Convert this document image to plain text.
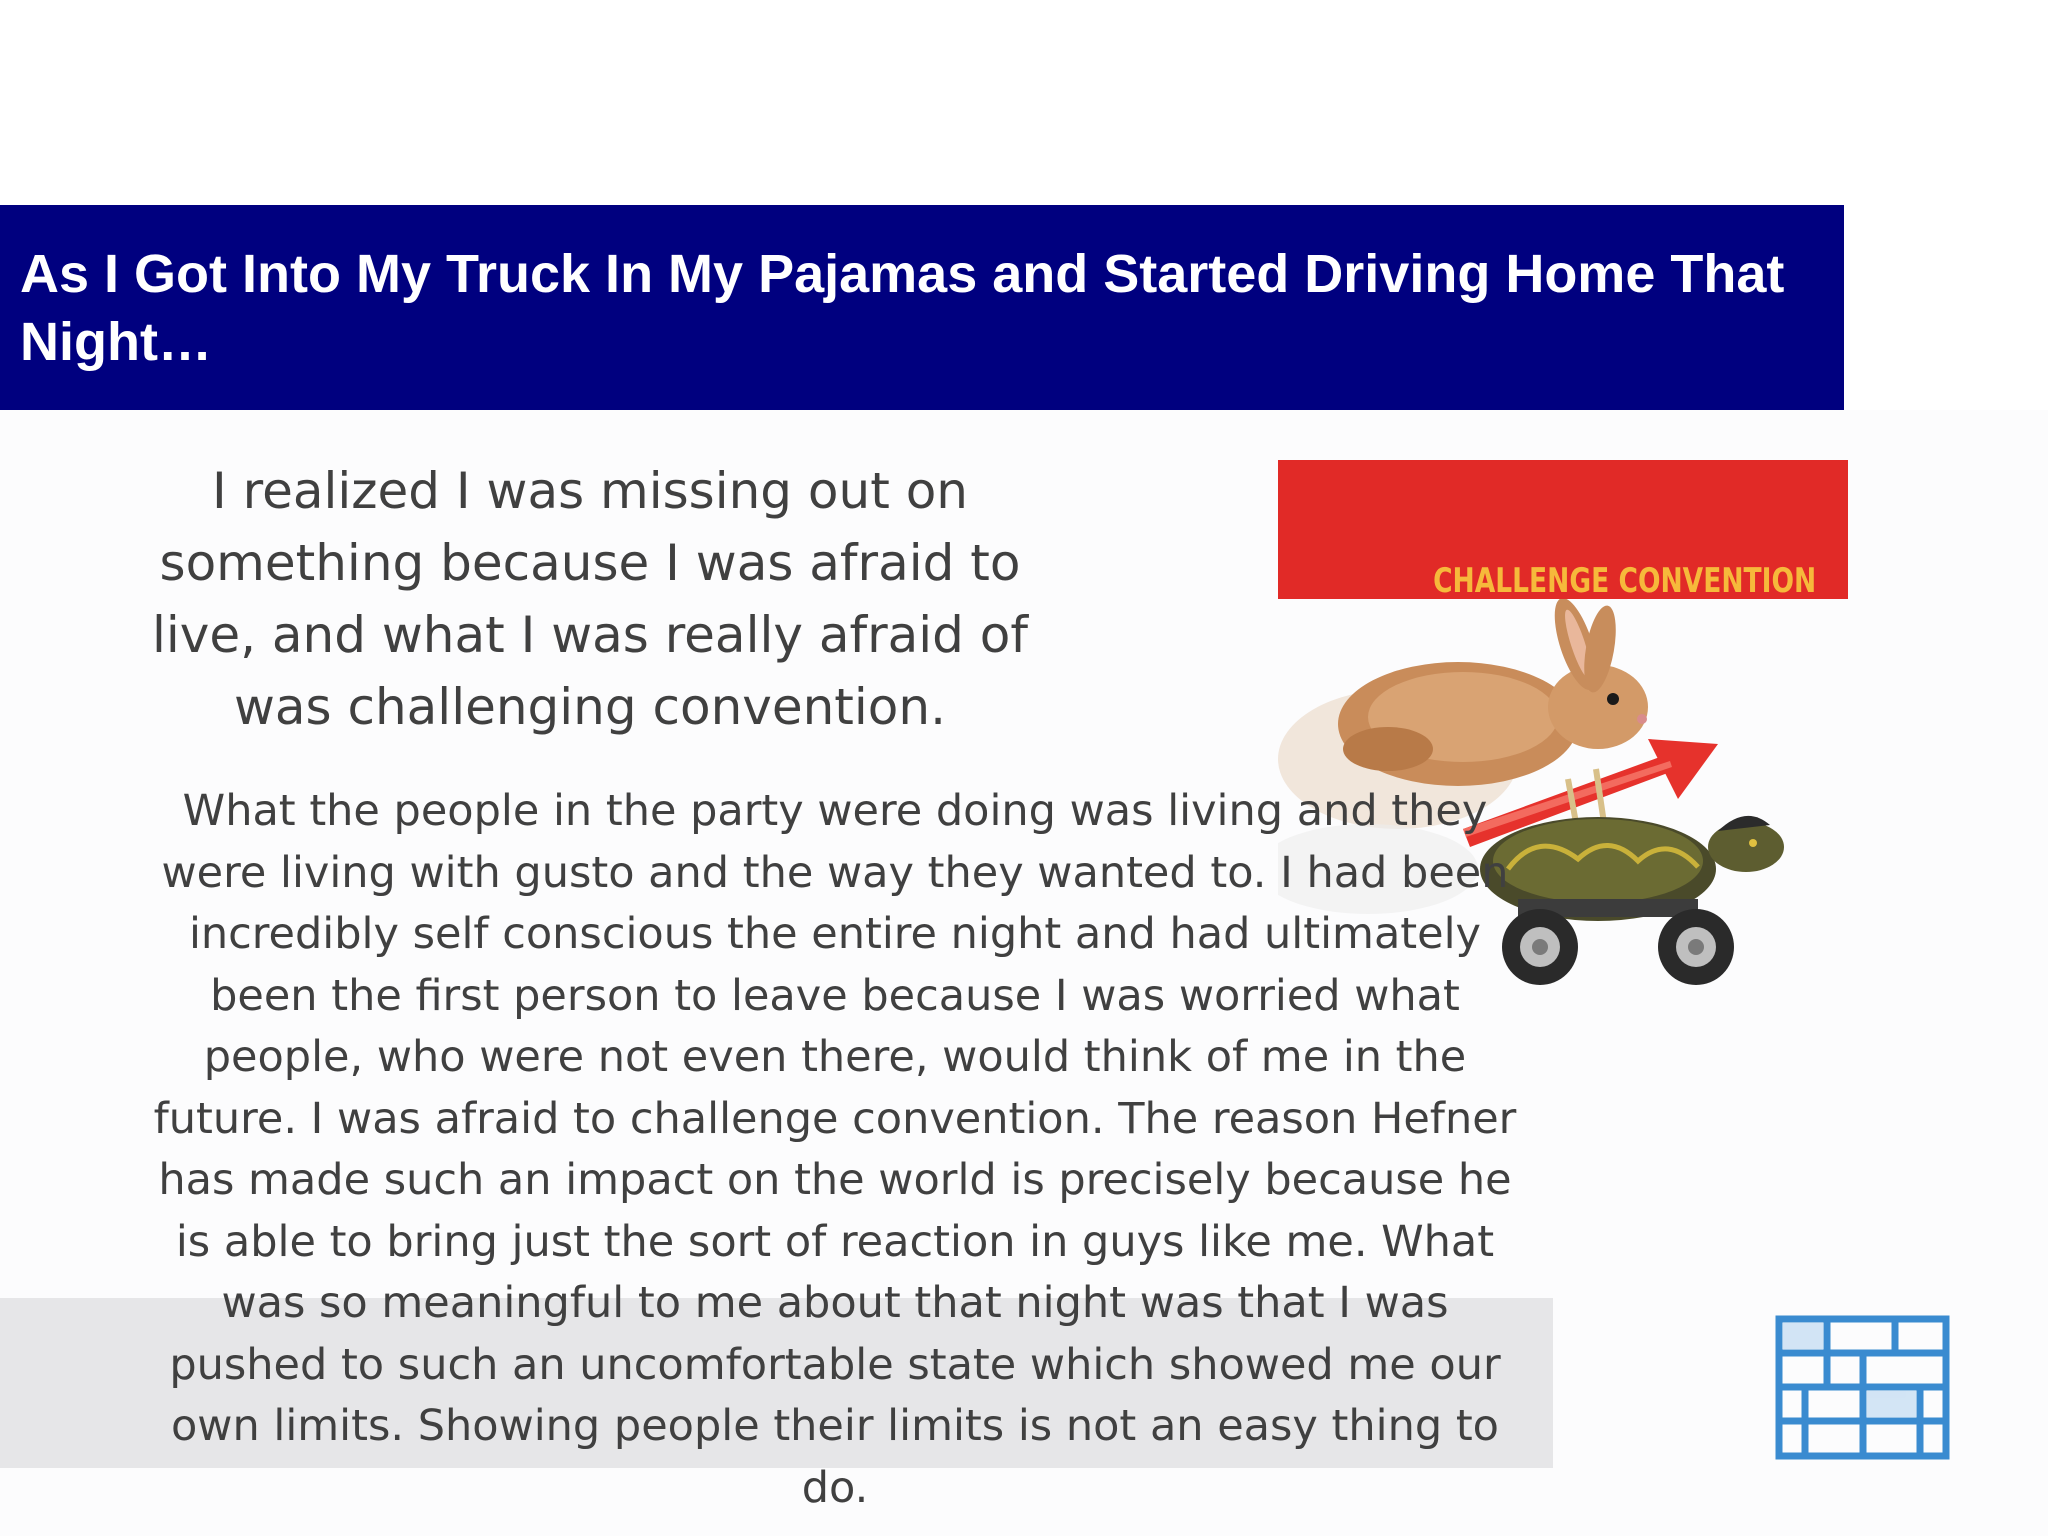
As I Got Into My Truck In My Pajamas and Started Driving Home That Night…

I realized I was missing out on something because I was afraid to live, and what I was really afraid of was challenging convention.

CHALLENGE CONVENTION

What the people in the party were doing was living and they were living with gusto and the way they wanted to. I had been incredibly self conscious the entire night and had ultimately been the first person to leave because I was worried what people, who were not even there, would think of me in the future. I was afraid to challenge convention. The reason Hefner has made such an impact on the world is precisely because he is able to bring just the sort of reaction in guys like me. What was so meaningful to me about that night was that I was pushed to such an uncomfortable state which showed me our own limits. Showing people their limits is not an easy thing to do.
